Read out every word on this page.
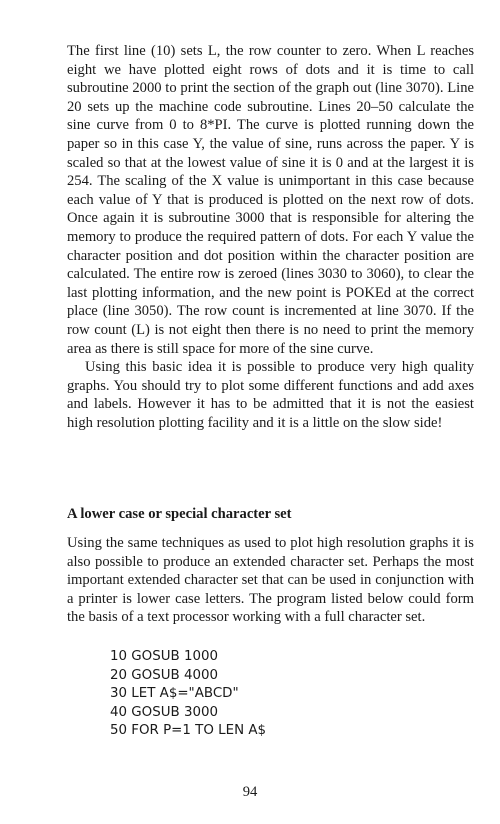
The first line (10) sets L, the row counter to zero. When L reaches eight we have plotted eight rows of dots and it is time to call subroutine 2000 to print the section of the graph out (line 3070). Line 20 sets up the machine code subroutine. Lines 20–50 calculate the sine curve from 0 to 8*PI. The curve is plotted running down the paper so in this case Y, the value of sine, runs across the paper. Y is scaled so that at the lowest value of sine it is 0 and at the largest it is 254. The scaling of the X value is unimportant in this case because each value of Y that is produced is plotted on the next row of dots. Once again it is subroutine 3000 that is responsible for altering the memory to produce the required pattern of dots. For each Y value the character position and dot position within the character position are calculated. The entire row is zeroed (lines 3030 to 3060), to clear the last plotting information, and the new point is POKEd at the correct place (line 3050). The row count is incremented at line 3070. If the row count (L) is not eight then there is no need to print the memory area as there is still space for more of the sine curve.

Using this basic idea it is possible to produce very high quality graphs. You should try to plot some different functions and add axes and labels. However it has to be admitted that it is not the easiest high resolution plotting facility and it is a little on the slow side!

A lower case or special character set

Using the same techniques as used to plot high resolution graphs it is also possible to produce an extended character set. Perhaps the most important extended character set that can be used in conjunction with a printer is lower case letters. The program listed below could form the basis of a text processor working with a full character set.

10 GOSUB 1000
20 GOSUB 4000
30 LET A$="ABCD"
40 GOSUB 3000
50 FOR P=1 TO LEN A$

94
